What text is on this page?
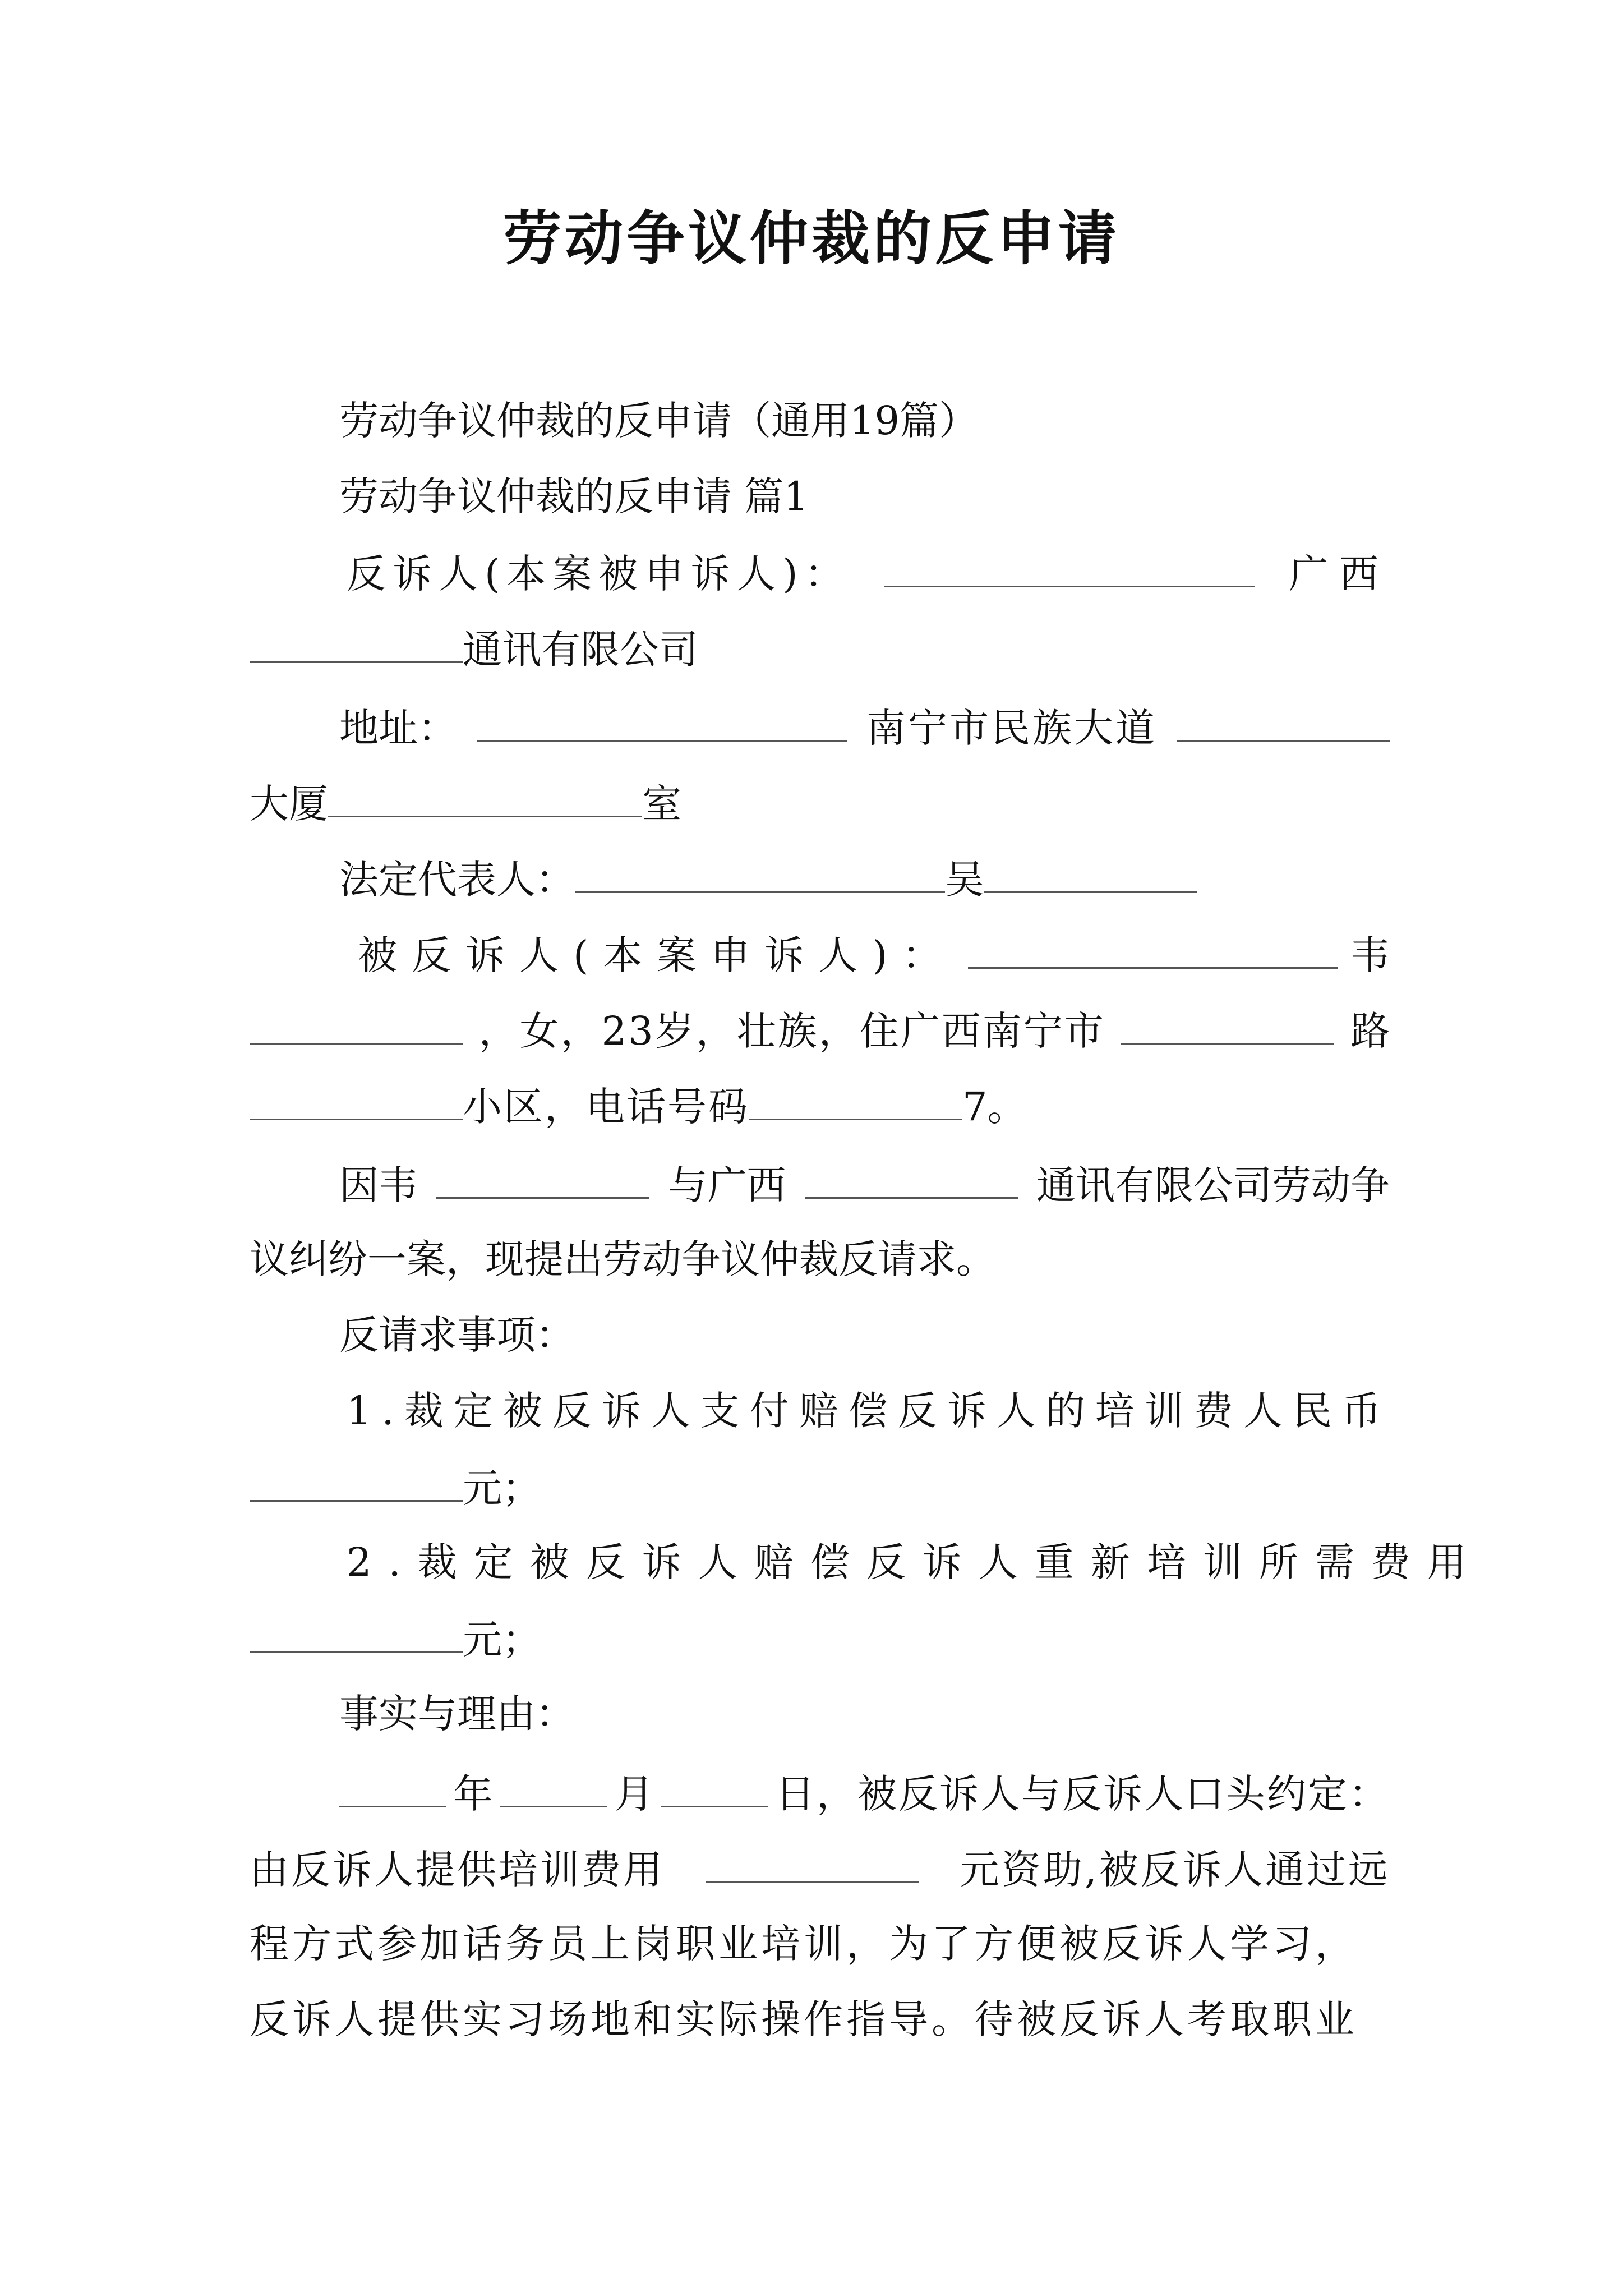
劳动争议仲裁的反申请
劳动争议仲裁的反申请（通用19篇）
劳动争议仲裁的反申请 篇1
反诉人(本案被申诉人)：	广西
通讯有限公司
地址：	南宁市民族大道
大厦	室
法定代表人：	吴
被反诉人(本案申诉人)：	韦
，女，23岁，壮族，住广西南宁市	路
小区，电话号码	7。
因韦	与广西	通讯有限公司劳动争
议纠纷一案，现提出劳动争议仲裁反请求。
反请求事项：
1.裁定被反诉人支付赔偿反诉人的培训费人民币
元；
2.裁定被反诉人赔偿反诉人重新培训所需费用
元；
事实与理由：
年	月	日，被反诉人与反诉人口头约定：
由反诉人提供培训费用	元资助,被反诉人通过远
程方式参加话务员上岗职业培训，为了方便被反诉人学习，
反诉人提供实习场地和实际操作指导。待被反诉人考取职业
